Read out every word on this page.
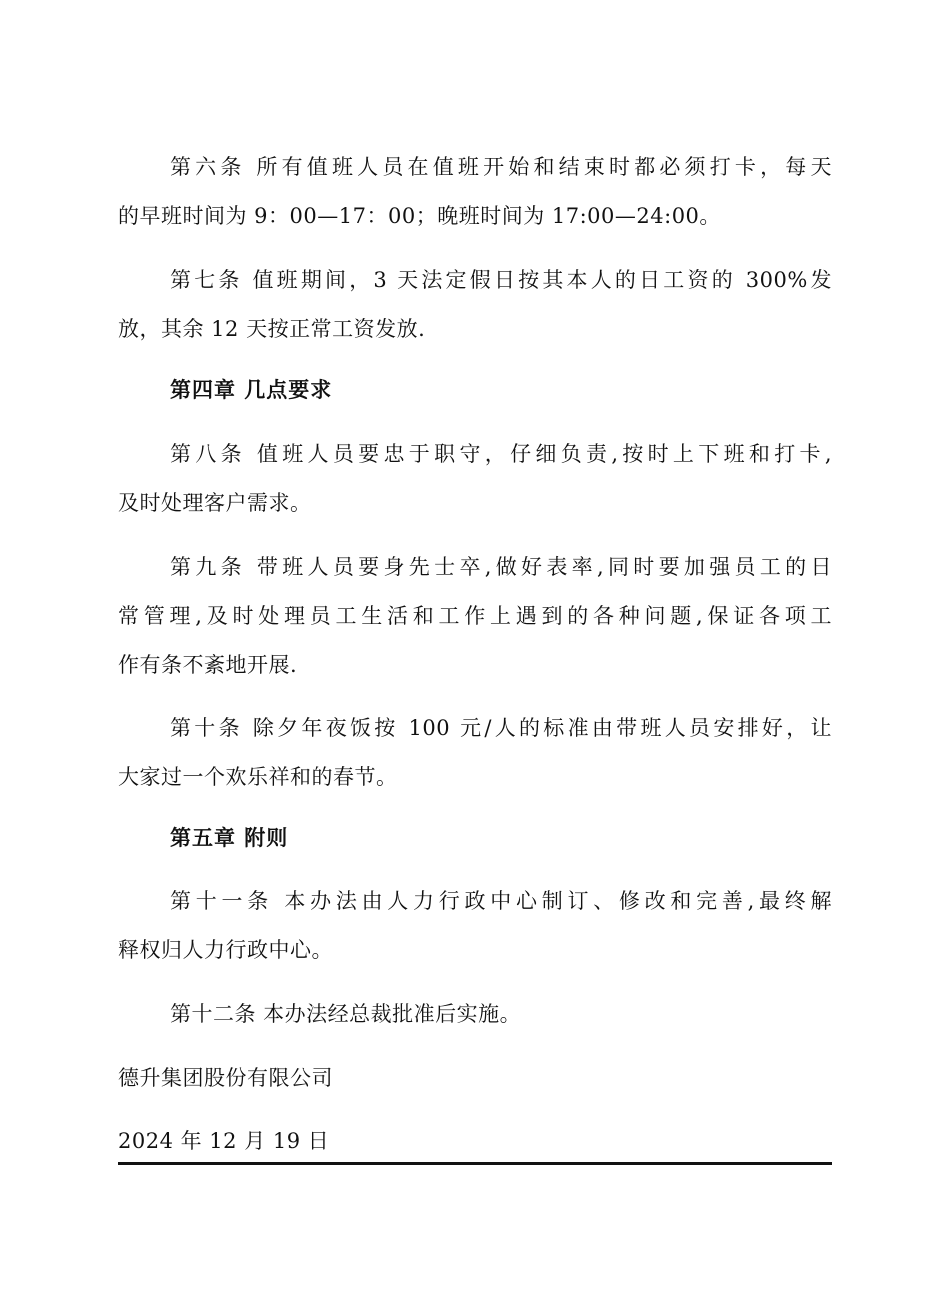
第六条 所有值班人员在值班开始和结束时都必须打卡，每天
的早班时间为 9：00—17：00；晚班时间为 17:00—24:00。
第七条 值班期间，3 天法定假日按其本人的日工资的 300%发
放，其余 12 天按正常工资发放.
第四章 几点要求
第八条 值班人员要忠于职守，仔细负责,按时上下班和打卡,
及时处理客户需求。
第九条 带班人员要身先士卒,做好表率,同时要加强员工的日
常管理,及时处理员工生活和工作上遇到的各种问题,保证各项工
作有条不紊地开展.
第十条 除夕年夜饭按 100 元/人的标准由带班人员安排好，让
大家过一个欢乐祥和的春节。
第五章 附则
第十一条 本办法由人力行政中心制订、修改和完善,最终解
释权归人力行政中心。
第十二条 本办法经总裁批准后实施。
德升集团股份有限公司
2024 年 12 月 19 日
